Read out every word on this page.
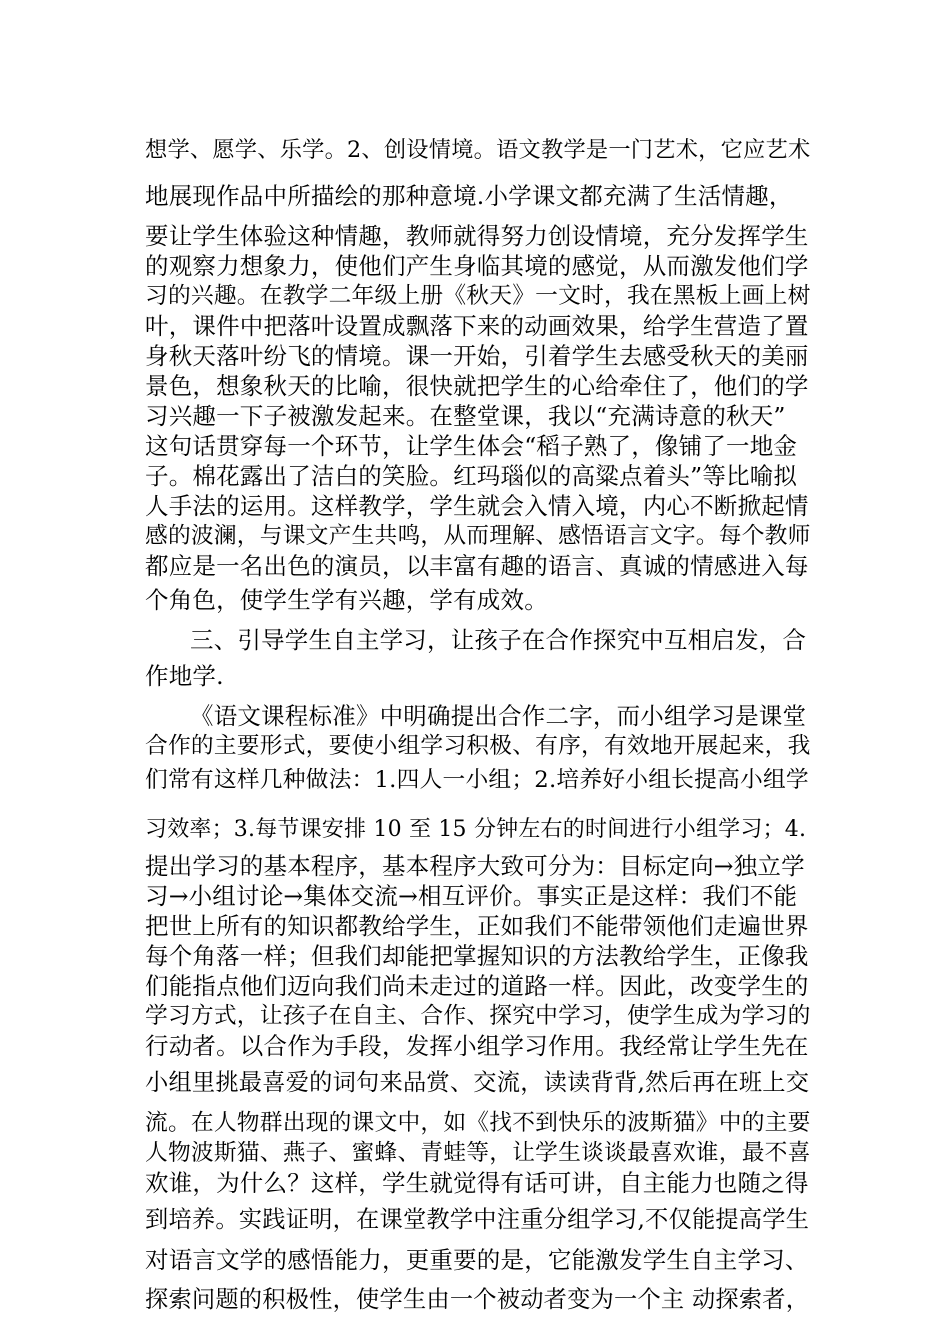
想学、愿学、乐学。2、创设情境。语文教学是一门艺术，它应艺术
地展现作品中所描绘的那种意境.小学课文都充满了生活情趣，
要让学生体验这种情趣，教师就得努力创设情境，充分发挥学生
的观察力想象力，使他们产生身临其境的感觉，从而激发他们学
习的兴趣。在教学二年级上册《秋天》一文时，我在黑板上画上树
叶，课件中把落叶设置成飘落下来的动画效果，给学生营造了置
身秋天落叶纷飞的情境。课一开始，引着学生去感受秋天的美丽
景色，想象秋天的比喻，很快就把学生的心给牵住了，他们的学
习兴趣一下子被激发起来。在整堂课，我以“充满诗意的秋天”
这句话贯穿每一个环节，让学生体会“稻子熟了，像铺了一地金
子。棉花露出了洁白的笑脸。红玛瑙似的高粱点着头”等比喻拟
人手法的运用。这样教学，学生就会入情入境，内心不断掀起情
感的波澜，与课文产生共鸣，从而理解、感悟语言文字。每个教师
都应是一名出色的演员，以丰富有趣的语言、真诚的情感进入每
个角色，使学生学有兴趣，学有成效。
三、引导学生自主学习，让孩子在合作探究中互相启发，合
作地学.
《语文课程标准》中明确提出合作二字，而小组学习是课堂
合作的主要形式，要使小组学习积极、有序，有效地开展起来，我
们常有这样几种做法：1.四人一小组；2.培养好小组长提高小组学
习效率；3.每节课安排 10 至 15 分钟左右的时间进行小组学习；4.
提出学习的基本程序，基本程序大致可分为：目标定向→独立学
习→小组讨论→集体交流→相互评价。事实正是这样：我们不能
把世上所有的知识都教给学生，正如我们不能带领他们走遍世界
每个角落一样；但我们却能把掌握知识的方法教给学生，正像我
们能指点他们迈向我们尚未走过的道路一样。因此，改变学生的
学习方式，让孩子在自主、合作、探究中学习，使学生成为学习的
行动者。以合作为手段，发挥小组学习作用。我经常让学生先在
小组里挑最喜爱的词句来品赏、交流，读读背背,然后再在班上交
流。在人物群出现的课文中，如《找不到快乐的波斯猫》中的主要
人物波斯猫、燕子、蜜蜂、青蛙等，让学生谈谈最喜欢谁，最不喜
欢谁，为什么？这样，学生就觉得有话可讲，自主能力也随之得
到培养。实践证明，在课堂教学中注重分组学习,不仅能提高学生
对语言文学的感悟能力，更重要的是，它能激发学生自主学习、
探索问题的积极性，使学生由一个被动者变为一个主 动探索者，
